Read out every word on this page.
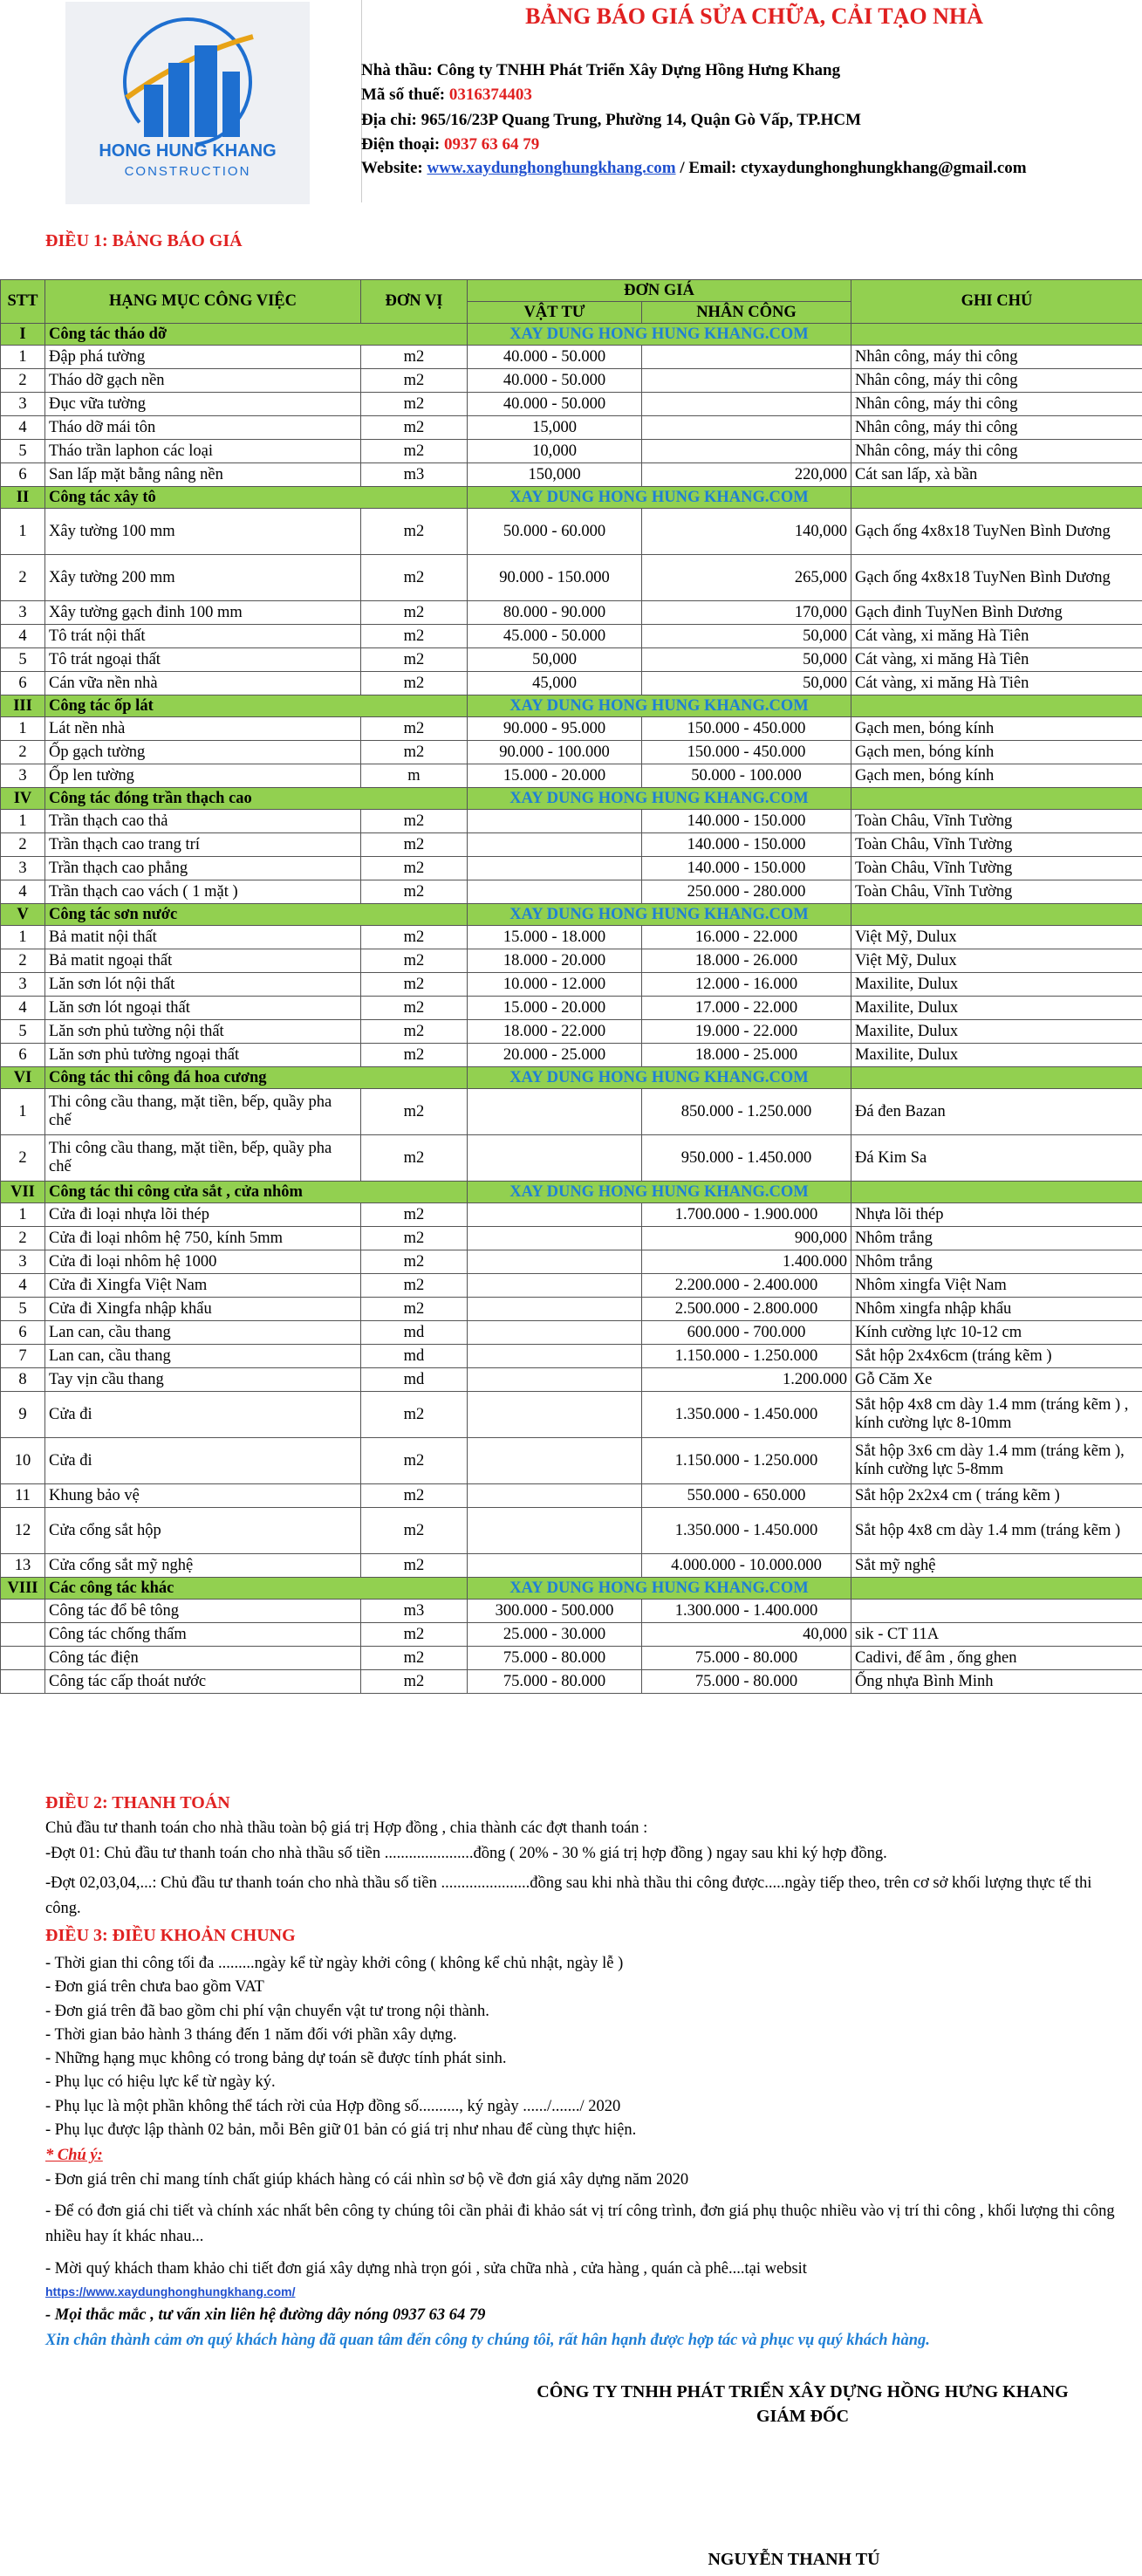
HONG HUNG KHANG
CONSTRUCTION
BẢNG BÁO GIÁ SỬA CHỮA, CẢI TẠO NHÀ
Nhà thầu: Công ty TNHH Phát Triển Xây Dựng Hồng Hưng Khang
Mã số thuế: 0316374403
Địa chỉ: 965/16/23P Quang Trung, Phường 14, Quận Gò Vấp, TP.HCM
Điện thoại: 0937 63 64 79
Website: www.xaydunghonghungkhang.com / Email: ctyxaydunghonghungkhang@gmail.com
ĐIỀU 1: BẢNG BÁO GIÁ
STT	HẠNG MỤC CÔNG VIỆC	ĐƠN VỊ	ĐƠN GIÁ		GHI CHÚ
			VẬT TƯ	NHÂN CÔNG	
I	Công tác tháo dỡ		XAY DUNG HONG HUNG KHANG.COM		
1	Đập phá tường	m2	40.000 - 50.000		Nhân công, máy thi công
2	Tháo dỡ gạch nền	m2	40.000 - 50.000		Nhân công, máy thi công
3	Đục vữa tường	m2	40.000 - 50.000		Nhân công, máy thi công
4	Tháo dỡ mái tôn	m2	15,000		Nhân công, máy thi công
5	Tháo trần laphon các loại	m2	10,000		Nhân công, máy thi công
6	San lấp mặt bằng nâng nền	m3	150,000	220,000	Cát san lấp, xà bần
II	Công tác xây tô		XAY DUNG HONG HUNG KHANG.COM		
1	Xây tường 100 mm	m2	50.000 - 60.000	140,000	Gạch ống 4x8x18 TuyNen Bình Dương
2	Xây tường 200 mm	m2	90.000 - 150.000	265,000	Gạch ống 4x8x18 TuyNen Bình Dương
3	Xây tường gạch đinh 100 mm	m2	80.000 - 90.000	170,000	Gạch đinh TuyNen Bình Dương
4	Tô trát nội thất	m2	45.000 - 50.000	50,000	Cát vàng, xi măng Hà Tiên
5	Tô trát ngoại thất	m2	50,000	50,000	Cát vàng, xi măng Hà Tiên
6	Cán vữa nền nhà	m2	45,000	50,000	Cát vàng, xi măng Hà Tiên
III	Công tác ốp lát		XAY DUNG HONG HUNG KHANG.COM		
1	Lát nền nhà	m2	90.000 - 95.000	150.000 - 450.000	Gạch men, bóng kính
2	Ốp gạch tường	m2	90.000 - 100.000	150.000 - 450.000	Gạch men, bóng kính
3	Ốp len tường	m	15.000 - 20.000	50.000 - 100.000	Gạch men, bóng kính
IV	Công tác đóng trần thạch cao		XAY DUNG HONG HUNG KHANG.COM		
1	Trần thạch cao thả	m2		140.000 - 150.000	Toàn Châu, Vĩnh Tường
2	Trần thạch cao trang trí	m2		140.000 - 150.000	Toàn Châu, Vĩnh Tường
3	Trần thạch cao phẳng	m2		140.000 - 150.000	Toàn Châu, Vĩnh Tường
4	Trần thạch cao vách ( 1 mặt )	m2		250.000 - 280.000	Toàn Châu, Vĩnh Tường
V	Công tác sơn nước		XAY DUNG HONG HUNG KHANG.COM		
1	Bả matit nội thất	m2	15.000 - 18.000	16.000 - 22.000	Việt Mỹ, Dulux
2	Bả matit ngoại thất	m2	18.000 - 20.000	18.000 - 26.000	Việt Mỹ, Dulux
3	Lăn sơn lót nội thất	m2	10.000 - 12.000	12.000 - 16.000	Maxilite, Dulux
4	Lăn sơn lót ngoại thất	m2	15.000 - 20.000	17.000 - 22.000	Maxilite, Dulux
5	Lăn sơn phủ tường nội thất	m2	18.000 - 22.000	19.000 - 22.000	Maxilite, Dulux
6	Lăn sơn phủ tường ngoại thất	m2	20.000 - 25.000	18.000 - 25.000	Maxilite, Dulux
VI	Công tác thi công đá hoa cương		XAY DUNG HONG HUNG KHANG.COM		
1	Thi công cầu thang, mặt tiền, bếp, quầy pha chế	m2		850.000 - 1.250.000	Đá đen Bazan
2	Thi công cầu thang, mặt tiền, bếp, quầy pha chế	m2		950.000 - 1.450.000	Đá Kim Sa
VII	Công tác thi công cửa sắt , cửa nhôm		XAY DUNG HONG HUNG KHANG.COM		
1	Cửa đi loại nhựa lõi thép	m2		1.700.000 - 1.900.000	Nhựa lõi thép
2	Cửa đi loại nhôm hệ 750, kính 5mm	m2		900,000	Nhôm trắng
3	Cửa đi loại nhôm hệ 1000	m2		1.400.000	Nhôm trắng
4	Cửa đi Xingfa Việt Nam	m2		2.200.000 - 2.400.000	Nhôm xingfa Việt Nam
5	Cửa đi Xingfa nhập khẩu	m2		2.500.000 - 2.800.000	Nhôm xingfa nhập khẩu
6	Lan can, cầu thang	md		600.000 - 700.000	Kính cường lực 10-12 cm
7	Lan can, cầu thang	md		1.150.000 - 1.250.000	Sắt hộp 2x4x6cm (tráng kẽm )
8	Tay vịn cầu thang	md		1.200.000	Gỗ Căm Xe
9	Cửa đi	m2		1.350.000 - 1.450.000	Sắt hộp 4x8 cm dày 1.4 mm (tráng kẽm ) , kính cường lực 8-10mm
10	Cửa đi	m2		1.150.000 - 1.250.000	Sắt hộp 3x6 cm dày 1.4 mm (tráng kẽm ), kính cường lực 5-8mm
11	Khung bảo vệ	m2		550.000 - 650.000	Sắt hộp 2x2x4 cm ( tráng kẽm )
12	Cửa cổng sắt hộp	m2		1.350.000 - 1.450.000	Sắt hộp 4x8 cm dày 1.4 mm (tráng kẽm )
13	Cửa cổng sắt mỹ nghệ	m2		4.000.000 - 10.000.000	Sắt mỹ nghệ
VIII	Các công tác khác		XAY DUNG HONG HUNG KHANG.COM		
	Công tác đổ bê tông	m3	300.000 - 500.000	1.300.000 - 1.400.000	
	Công tác chống thấm	m2	25.000 - 30.000	40,000	sik - CT 11A
	Công tác điện	m2	75.000 - 80.000	75.000 - 80.000	Cadivi, đế âm , ống ghen
	Công tác cấp thoát nước	m2	75.000 - 80.000	75.000 - 80.000	Ống nhựa Bình Minh
ĐIỀU 2: THANH TOÁN
Chủ đầu tư thanh toán cho nhà thầu toàn bộ giá trị Hợp đồng , chia thành các đợt thanh toán :
-Đợt 01: Chủ đầu tư thanh toán cho nhà thầu số tiền ......................đồng ( 20% - 30 % giá trị hợp đồng ) ngay sau khi ký hợp đồng.
-Đợt 02,03,04,...: Chủ đầu tư thanh toán cho nhà thầu số tiền ......................đồng sau khi nhà thầu thi công được.....ngày tiếp theo, trên cơ sở khối lượng thực tế thi công.
ĐIỀU 3: ĐIỀU KHOẢN CHUNG
- Thời gian thi công tối đa .........ngày kể từ ngày khởi công ( không kể chủ nhật, ngày lễ )
- Đơn giá trên chưa bao gồm VAT
- Đơn giá trên đã bao gồm chi phí vận chuyển vật tư trong nội thành.
- Thời gian bảo hành 3 tháng đến 1 năm đối với phần xây dựng.
- Những hạng mục không có trong bảng dự toán sẽ được tính phát sinh.
- Phụ lục có hiệu lực kể từ ngày ký.
- Phụ lục là một phần không thể tách rời của Hợp đồng số.........., ký ngày ....../......./ 2020
- Phụ lục được lập thành 02 bản, mỗi Bên giữ 01 bản có giá trị như nhau để cùng thực hiện.
* Chú ý:
- Đơn giá trên chỉ mang tính chất giúp khách hàng có cái nhìn sơ bộ về đơn giá xây dựng năm 2020
- Để có đơn giá chi tiết và chính xác nhất bên công ty chúng tôi cần phải đi khảo sát vị trí công trình, đơn giá phụ thuộc nhiều vào vị trí thi công , khối lượng thi công nhiều hay ít khác nhau...
- Mời quý khách tham khảo chi tiết đơn giá xây dựng nhà trọn gói , sửa chữa nhà , cửa hàng , quán cà phê....tại websit
https://www.xaydunghonghungkhang.com/
- Mọi thắc mắc , tư vấn xin liên hệ đường dây nóng 0937 63 64 79
Xin chân thành cảm ơn quý khách hàng đã quan tâm đến công ty chúng tôi, rất hân hạnh được hợp tác và phục vụ quý khách hàng.
CÔNG TY TNHH PHÁT TRIỂN XÂY DỰNG HỒNG HƯNG KHANG
GIÁM ĐỐC
NGUYỄN THANH TÚ
